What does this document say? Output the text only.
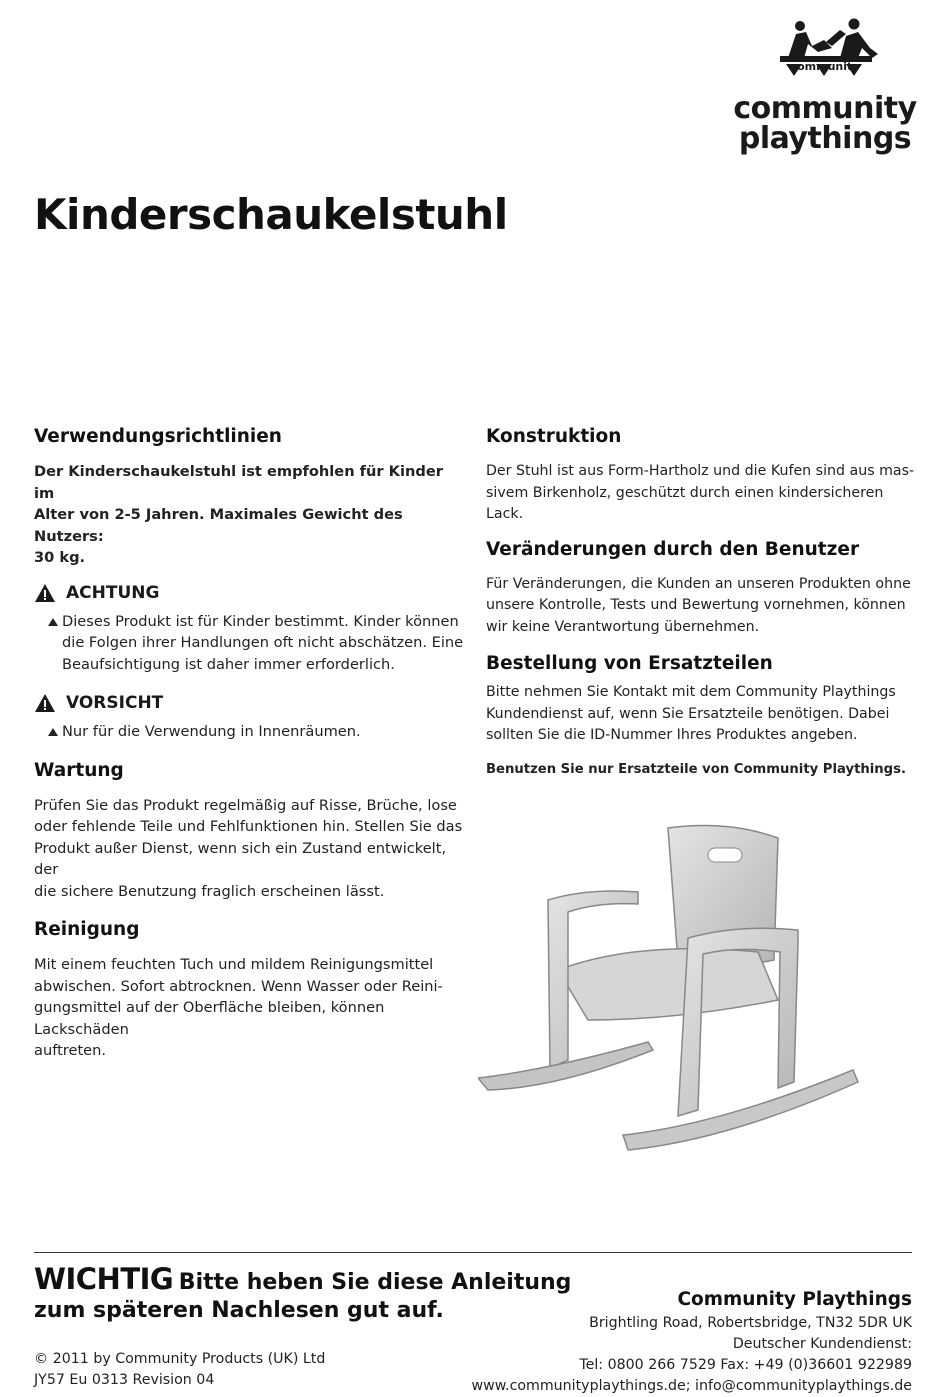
community
community
playthings
Kinderschaukelstuhl
Verwendungsrichtlinien

Der Kinderschaukelstuhl ist empfohlen für Kinder im
Alter von 2-5 Jahren. Maximales Gewicht des Nutzers:
30 kg.

ACHTUNG
Dieses Produkt ist für Kinder bestimmt. Kinder können
die Folgen ihrer Handlungen oft nicht abschätzen. Eine
Beaufsichtigung ist daher immer erforderlich.
VORSICHT
Nur für die Verwendung in Innenräumen.
Wartung

Prüfen Sie das Produkt regelmäßig auf Risse, Brüche, lose
oder fehlende Teile und Fehlfunktionen hin. Stellen Sie das
Produkt außer Dienst, wenn sich ein Zustand entwickelt, der
die sichere Benutzung fraglich erscheinen lässt.

Reinigung

Mit einem feuchten Tuch und mildem Reinigungsmittel
abwischen. Sofort abtrocknen. Wenn Wasser oder Reini-
gungsmittel auf der Oberfläche bleiben, können Lackschäden
auftreten.

Konstruktion

Der Stuhl ist aus Form-Hartholz und die Kufen sind aus mas-
sivem Birkenholz, geschützt durch einen kindersicheren Lack.

Veränderungen durch den Benutzer

Für Veränderungen, die Kunden an unseren Produkten ohne
unsere Kontrolle, Tests und Bewertung vornehmen, können
wir keine Verantwortung übernehmen.

Bestellung von Ersatzteilen

Bitte nehmen Sie Kontakt mit dem Community Playthings
Kundendienst auf, wenn Sie Ersatzteile benötigen. Dabei
sollten Sie die ID-Nummer Ihres Produktes angeben.

Benutzen Sie nur Ersatzteile von Community Playthings.

WICHTIG Bitte heben Sie diese Anleitung
zum späteren Nachlesen gut auf.
© 2011 by Community Products (UK) Ltd
JY57 Eu 0313 Revision 04
Community Playthings
Brightling Road, Robertsbridge, TN32 5DR UK
Deutscher Kundendienst:
Tel: 0800 266 7529 Fax: +49 (0)36601 922989
www.communityplaythings.de; info@communityplaythings.de
